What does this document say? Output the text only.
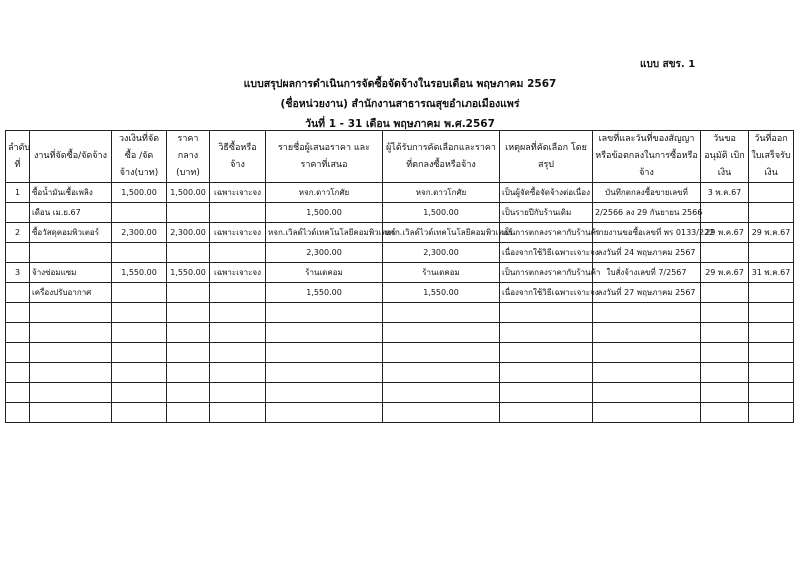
แบบ สขร. 1
แบบสรุปผลการดำเนินการจัดซื้อจัดจ้างในรอบเดือน พฤษภาคม 2567
(ชื่อหน่วยงาน) สำนักงานสาธารณสุขอำเภอเมืองแพร่
วันที่ 1 - 31 เดือน พฤษภาคม พ.ศ.2567
ลำดับที่	งานที่จัดซื้อ/จัดจ้าง	วงเงินที่จัดซื้อ /จัดจ้าง(บาท)	ราคากลาง (บาท)	วิธีซื้อหรือจ้าง	รายชื่อผู้เสนอราคา และราคาที่เสนอ	ผู้ได้รับการคัดเลือกและราคา ที่ตกลงซื้อหรือจ้าง	เหตุผลที่คัดเลือก โดยสรุป	เลขที่และวันที่ของสัญญา หรือข้อตกลงในการซื้อหรือจ้าง	วันขออนุมัติ เบิกเงิน	วันที่ออก ใบเสร็จรับเงิน
1	ซื้อน้ำมันเชื้อเพลิง	1,500.00	1,500.00	เฉพาะเจาะจง	หจก.ดาวโกศัย	หจก.ดาวโกศัย	เป็นผู้จัดซื้อจัดจ้างต่อเนื่อง	บันทึกตกลงซื้อขายเลขที่	3 พ.ค.67	
	เดือน เม.ย.67				1,500.00	1,500.00	เป็นรายปีกับร้านเดิม	2/2566 ลง 29 กันยายน 2566		
2	ซื้อวัสดุคอมพิวเตอร์	2,300.00	2,300.00	เฉพาะเจาะจง	หจก.เวิลด์ไวด์เทคโนโลยีคอมพิวเตอร์	หจก.เวิลด์ไวด์เทคโนโลยีคอมพิวเตอร์	เป็นการตกลงราคากับร้านค้า	รายงานขอซื้อเลขที่ พร 0133/222	29 พ.ค.67	29 พ.ค.67
					2,300.00	2,300.00	เนื่องจากใช้วิธีเฉพาะเจาะจง	ลงวันที่ 24 พฤษภาคม 2567		
3	จ้างซ่อมแซม	1,550.00	1,550.00	เฉพาะเจาะจง	ร้านเดคอม	ร้านเดคอม	เป็นการตกลงราคากับร้านค้า	ใบสั่งจ้างเลขที่ 7/2567	29 พ.ค.67	31 พ.ค.67
	เครื่องปรับอากาศ				1,550.00	1,550.00	เนื่องจากใช้วิธีเฉพาะเจาะจง	ลงวันที่ 27 พฤษภาคม 2567		
